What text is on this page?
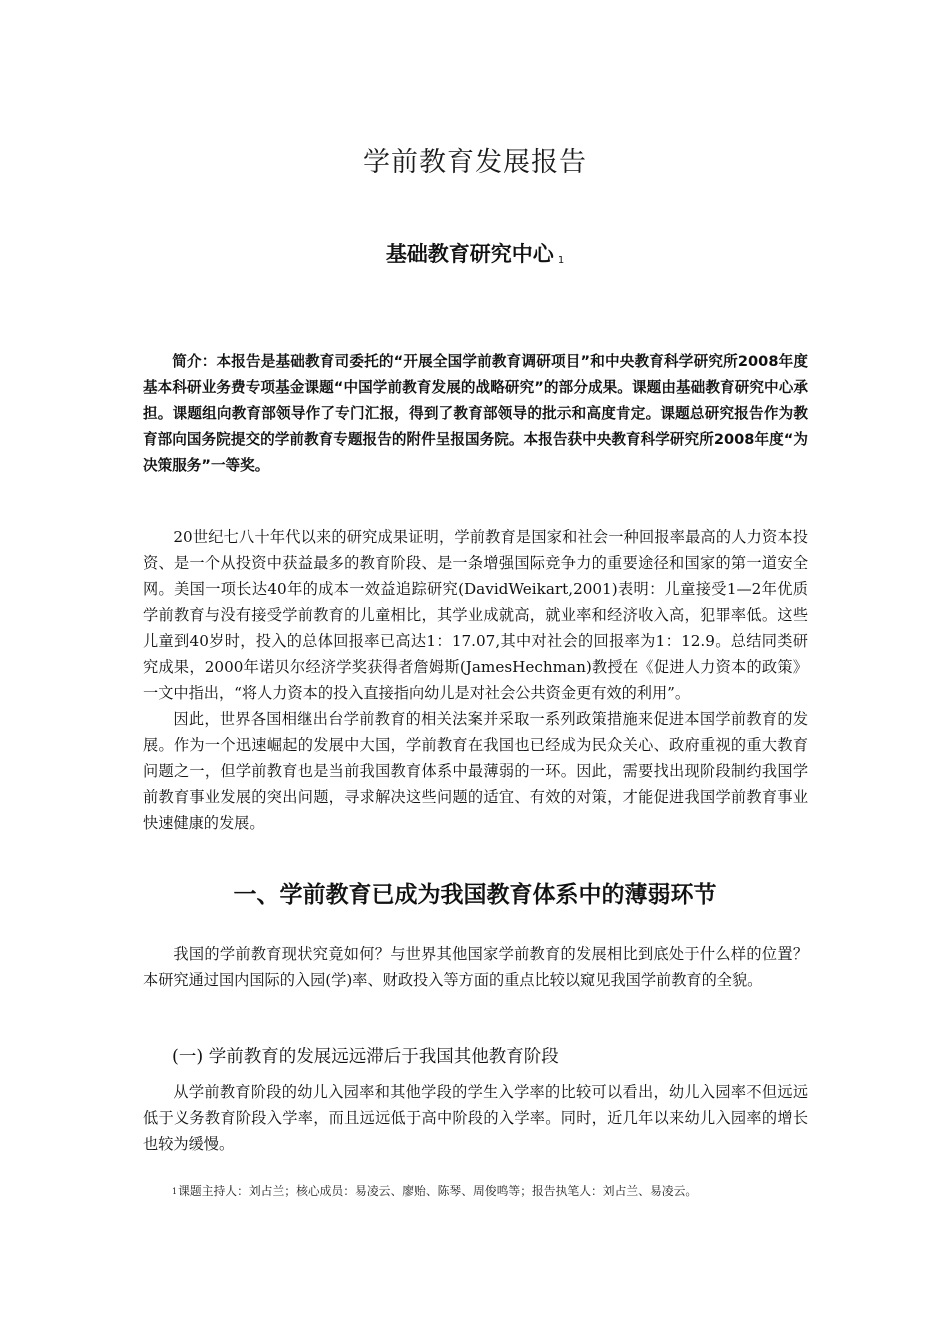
学前教育发展报告
基础教育研究中心 $^1$

简介：本报告是基础教育司委托的“开展全国学前教育调研项目”和中央教育科学研究所2008年度基本科研业务费专项基金课题“中国学前教育发展的战略研究”的部分成果。课题由基础教育研究中心承担。课题组向教育部领导作了专门汇报，得到了教育部领导的批示和高度肯定。课题总研究报告作为教育部向国务院提交的学前教育专题报告的附件呈报国务院。本报告获中央教育科学研究所2008年度“为决策服务”一等奖。

20世纪七八十年代以来的研究成果证明，学前教育是国家和社会一种回报率最高的人力资本投资、是一个从投资中获益最多的教育阶段、是一条增强国际竞争力的重要途径和国家的第一道安全网。美国一项长达40年的成本一效益追踪研究(DavidWeikart,2001)表明：儿童接受1—2年优质学前教育与没有接受学前教育的儿童相比，其学业成就高，就业率和经济收入高，犯罪率低。这些儿童到40岁时，投入的总体回报率已高达1：17.07,其中对社会的回报率为1：12.9。总结同类研究成果，2000年诺贝尔经济学奖获得者詹姆斯(JamesHechman)教授在《促进人力资本的政策》一文中指出，“将人力资本的投入直接指向幼儿是对社会公共资金更有效的利用”。

因此，世界各国相继出台学前教育的相关法案并采取一系列政策措施来促进本国学前教育的发展。作为一个迅速崛起的发展中大国，学前教育在我国也已经成为民众关心、政府重视的重大教育问题之一，但学前教育也是当前我国教育体系中最薄弱的一环。因此，需要找出现阶段制约我国学前教育事业发展的突出问题，寻求解决这些问题的适宜、有效的对策，才能促进我国学前教育事业快速健康的发展。

一、学前教育已成为我国教育体系中的薄弱环节

我国的学前教育现状究竟如何？与世界其他国家学前教育的发展相比到底处于什么样的位置？本研究通过国内国际的入园(学)率、财政投入等方面的重点比较以窥见我国学前教育的全貌。

(一) 学前教育的发展远远滞后于我国其他教育阶段

从学前教育阶段的幼儿入园率和其他学段的学生入学率的比较可以看出，幼儿入园率不但远远低于义务教育阶段入学率，而且远远低于高中阶段的入学率。同时，近几年以来幼儿入园率的增长也较为缓慢。

$^1$课题主持人：刘占兰；核心成员：易凌云、廖贻、陈琴、周俊鸣等；报告执笔人：刘占兰、易凌云。
